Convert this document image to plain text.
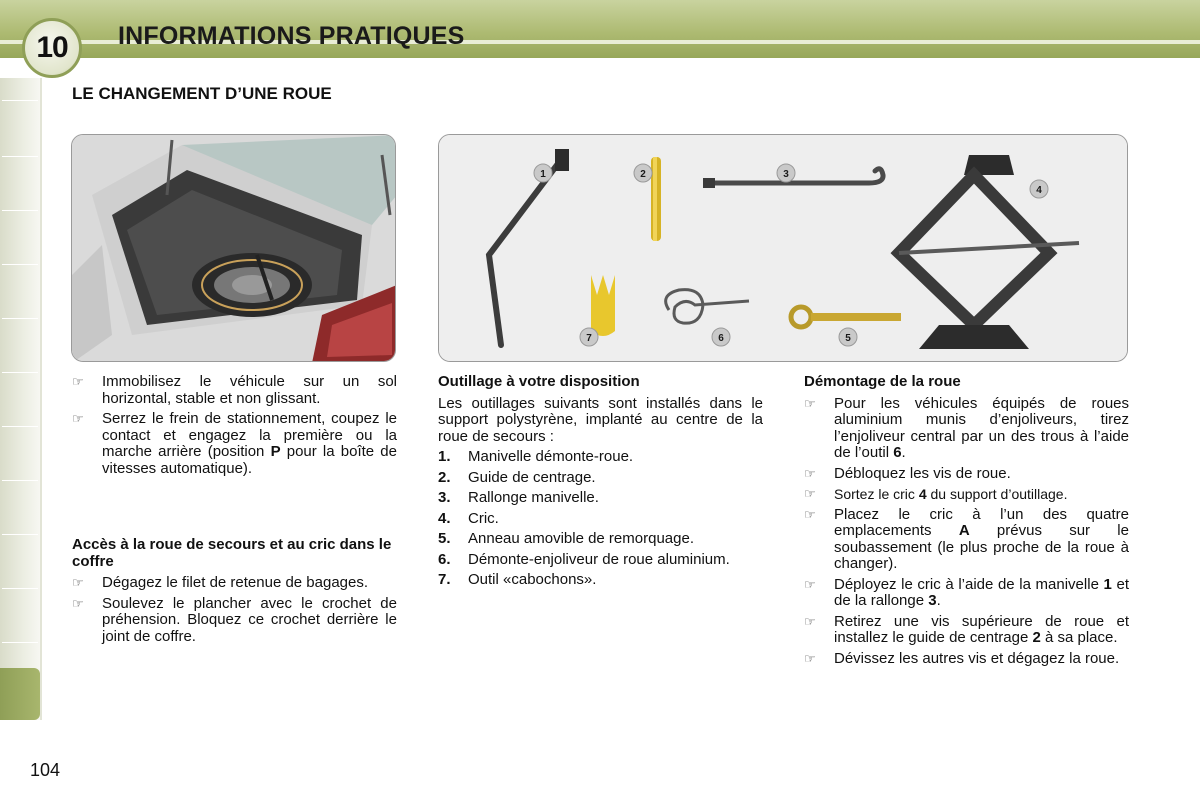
10 INFORMATIONS PRATIQUES
LE CHANGEMENT D’UNE ROUE
1	2	3
4
5
6
7
☞ Immobilisez le véhicule sur un sol horizontal, stable et non glissant.
☞ Serrez le frein de stationnement, coupez le contact et engagez la première ou la marche arrière (position P pour la boîte de vitesses automatique).
Accès à la roue de secours et au cric dans le coffre
☞ Dégagez le filet de retenue de bagages.
☞ Soulevez le plancher avec le crochet de préhension. Bloquez ce crochet derrière le joint de coffre.
Outillage à votre disposition
Les outillages suivants sont installés dans le support polystyrène, implanté au centre de la roue de secours :
1. Manivelle démonte-roue.
2. Guide de centrage.
3. Rallonge manivelle.
4. Cric.
5. Anneau amovible de remorquage.
6. Démonte-enjoliveur de roue aluminium.
7. Outil «cabochons».
Démontage de la roue
☞ Pour les véhicules équipés de roues aluminium munis d’enjoliveurs, tirez l’enjoliveur central par un des trous à l’aide de l’outil 6.
☞ Débloquez les vis de roue.
☞ Sortez le cric 4 du support d’outillage.
☞ Placez le cric à l’un des quatre emplacements A prévus sur le soubassement (le plus proche de la roue à changer).
☞ Déployez le cric à l’aide de la manivelle 1 et de la rallonge 3.
☞ Retirez une vis supérieure de roue et installez le guide de centrage 2 à sa place.
☞ Dévissez les autres vis et dégagez la roue.
104
